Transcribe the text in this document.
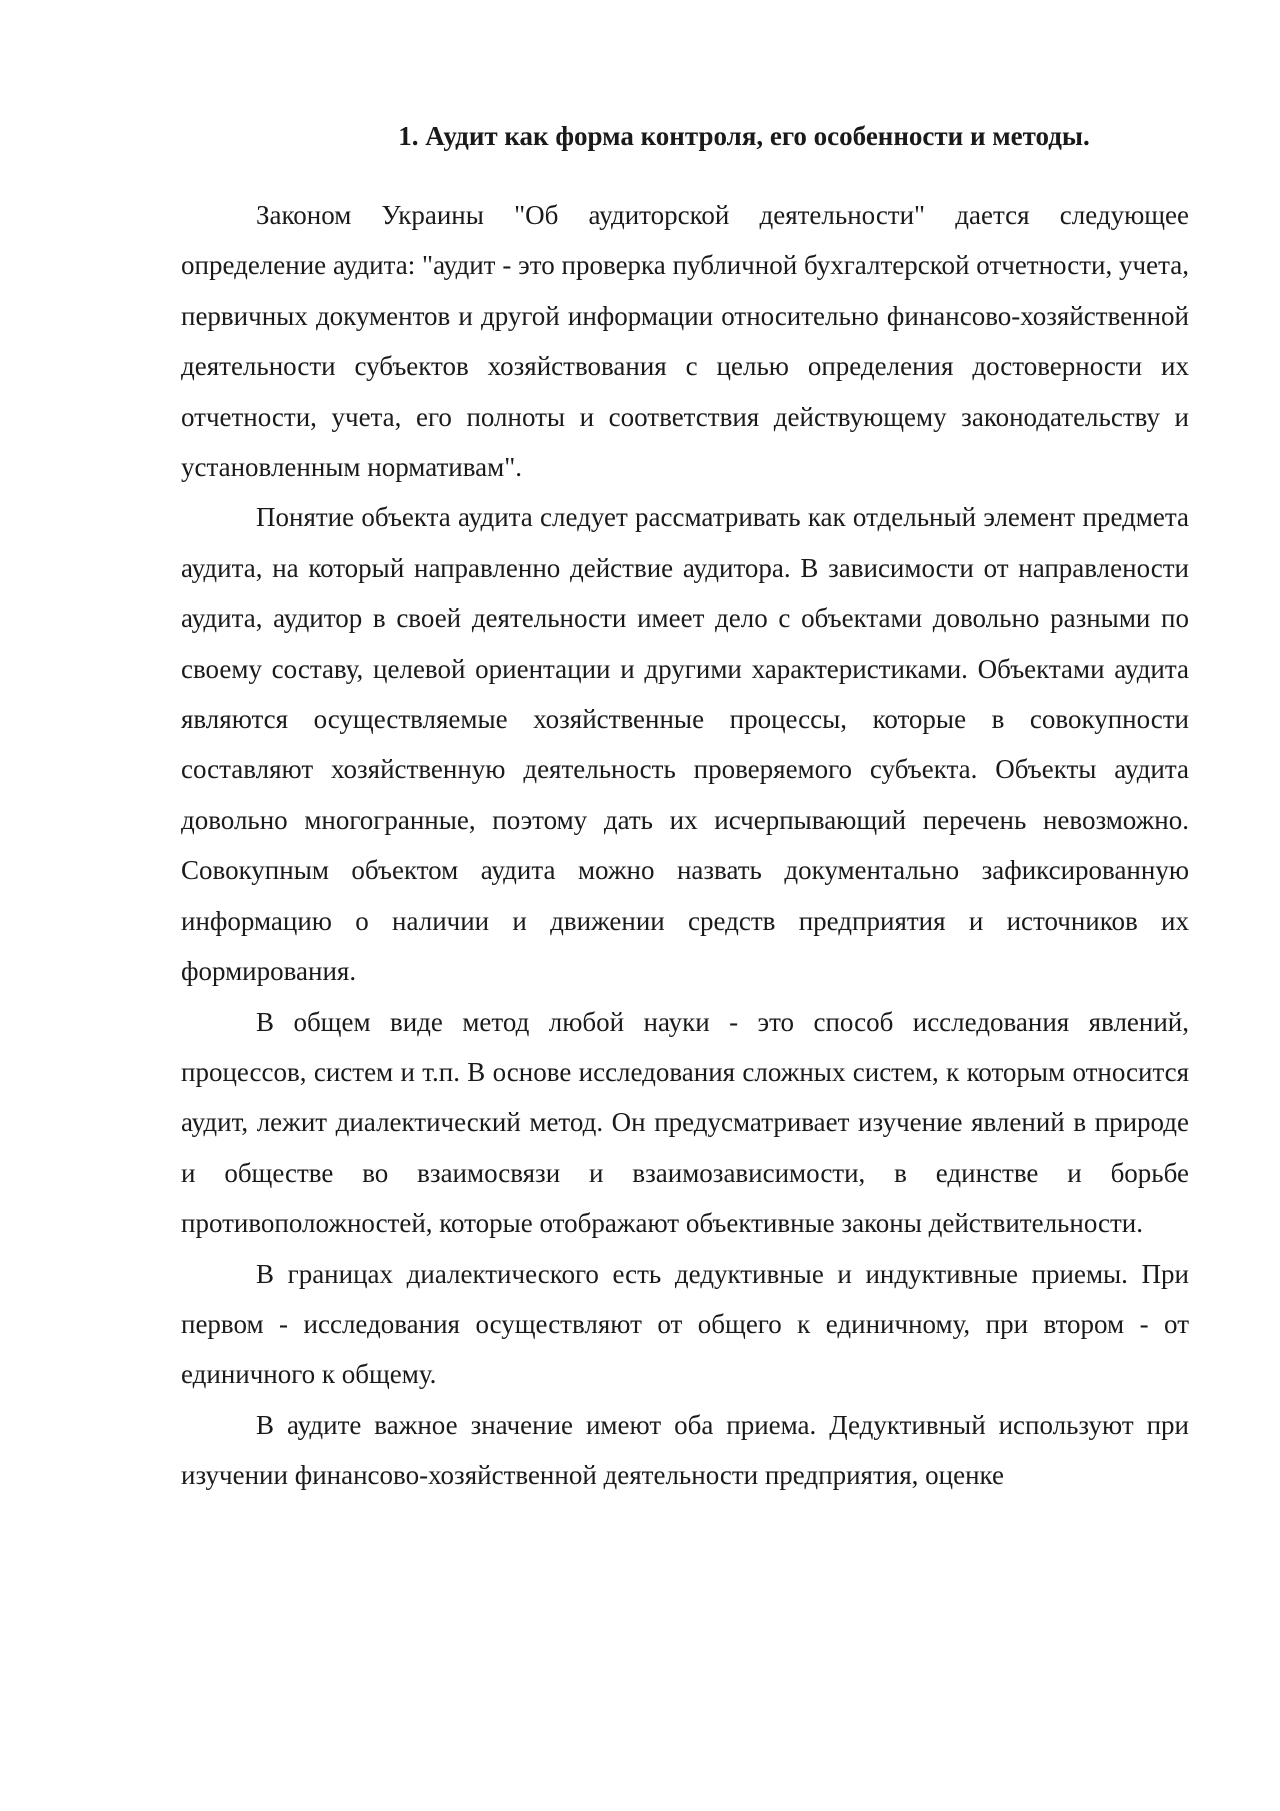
1. Аудит как форма контроля, его особенности и методы.

Законом Украины "Об аудиторской деятельности" дается следующее определение аудита: "аудит - это проверка публичной бухгалтерской отчетности, учета, первичных документов и другой информации относительно финансово-хозяйственной деятельности субъектов хозяйствования с целью определения достоверности их отчетности, учета, его полноты и соответствия действующему законодательству и установленным нормативам".

Понятие объекта аудита следует рассматривать как отдельный элемент предмета аудита, на который направленно действие аудитора. В зависимости от направлености аудита, аудитор в своей деятельности имеет дело с объектами довольно разными по своему составу, целевой ориентации и другими характеристиками. Объектами аудита являются осуществляемые хозяйственные процессы, которые в совокупности составляют хозяйственную деятельность проверяемого субъекта. Объекты аудита довольно многогранные, поэтому дать их исчерпывающий перечень невозможно. Совокупным объектом аудита можно назвать документально зафиксированную информацию о наличии и движении средств предприятия и источников их формирования.

В общем виде метод любой науки - это способ исследования явлений, процессов, систем и т.п. В основе исследования сложных систем, к которым относится аудит, лежит диалектический метод. Он предусматривает изучение явлений в природе и обществе во взаимосвязи и взаимозависимости, в единстве и борьбе противоположностей, которые отображают объективные законы действительности.

В границах диалектического есть дедуктивные и индуктивные приемы. При первом - исследования осуществляют от общего к единичному, при втором - от единичного к общему.

В аудите важное значение имеют оба приема. Дедуктивный используют при изучении финансово-хозяйственной деятельности предприятия, оценке
